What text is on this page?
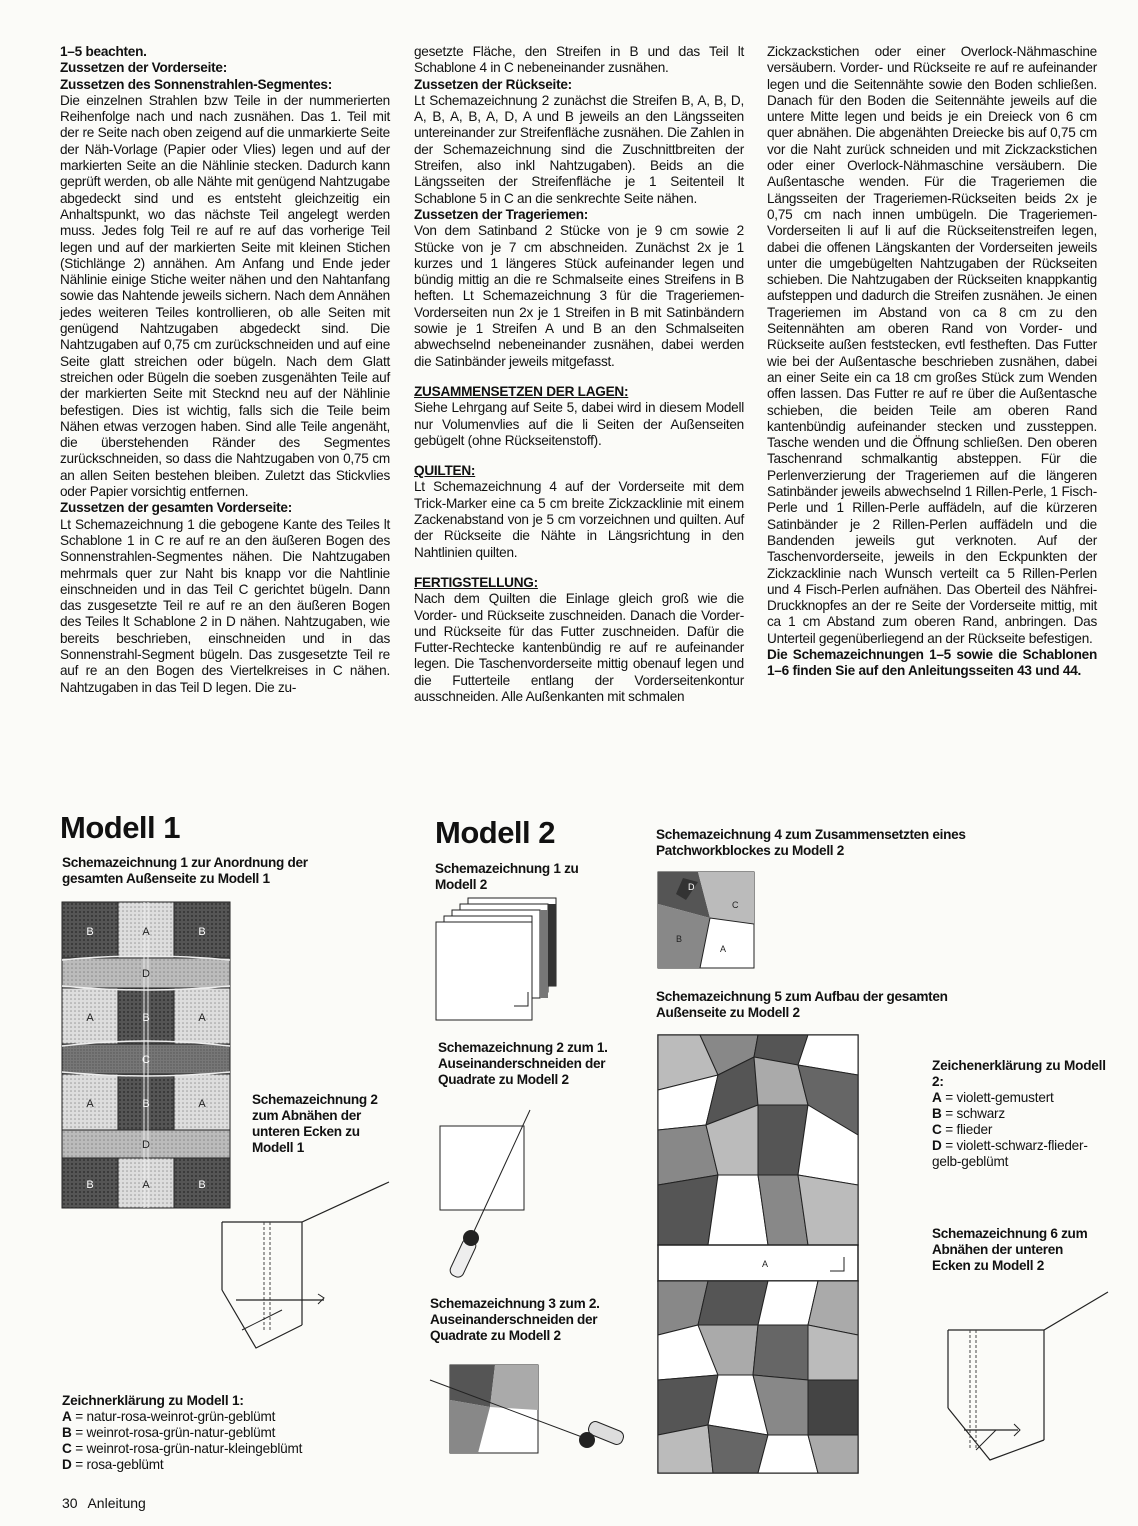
1–5 beachten.

Zussetzen der Vorderseite:

Zussetzen des Sonnenstrahlen-Segmentes:

Die einzelnen Strahlen bzw Teile in der nummerierten Reihenfolge nach und nach zusnähen. Das 1. Teil mit der re Seite nach oben zeigend auf die unmarkierte Seite der Näh-Vorlage (Papier oder Vlies) legen und auf der markierten Seite an die Nählinie stecken. Dadurch kann geprüft werden, ob alle Nähte mit genügend Nahtzugabe abgedeckt sind und es entsteht gleichzeitig ein Anhaltspunkt, wo das nächste Teil angelegt werden muss. Jedes folg Teil re auf re auf das vorherige Teil legen und auf der markierten Seite mit kleinen Stichen (Stichlänge 2) annähen. Am Anfang und Ende jeder Nählinie einige Stiche weiter nähen und den Nahtanfang sowie das Nahtende jeweils sichern. Nach dem Annähen jedes weiteren Teiles kontrollieren, ob alle Seiten mit genügend Nahtzugaben abgedeckt sind. Die Nahtzugaben auf 0,75 cm zurückschneiden und auf eine Seite glatt streichen oder bügeln. Nach dem Glatt streichen oder Bügeln die soeben zusgenähten Teile auf der markierten Seite mit Stecknd neu auf der Nählinie befestigen. Dies ist wichtig, falls sich die Teile beim Nähen etwas verzogen haben. Sind alle Teile angenäht, die überstehenden Ränder des Segmentes zurückschneiden, so dass die Nahtzugaben von 0,75 cm an allen Seiten bestehen bleiben. Zuletzt das Stickvlies oder Papier vorsichtig entfernen.

Zussetzen der gesamten Vorderseite:

Lt Schemazeichnung 1 die gebogene Kante des Teiles lt Schablone 1 in C re auf re an den äußeren Bogen des Sonnenstrahlen-Segmentes nähen. Die Nahtzugaben mehrmals quer zur Naht bis knapp vor die Nahtlinie einschneiden und in das Teil C gerichtet bügeln. Dann das zusgesetzte Teil re auf re an den äußeren Bogen des Teiles lt Schablone 2 in D nähen. Nahtzugaben, wie bereits beschrieben, einschneiden und in das Sonnenstrahl-Segment bügeln. Das zusgesetzte Teil re auf re an den Bogen des Viertelkreises in C nähen. Nahtzugaben in das Teil D legen. Die zu-

gesetzte Fläche, den Streifen in B und das Teil lt Schablone 4 in C nebeneinander zusnähen.

Zussetzen der Rückseite:

Lt Schemazeichnung 2 zunächst die Streifen B, A, B, D, A, B, A, B, A, D, A und B jeweils an den Längsseiten untereinander zur Streifenfläche zusnähen. Die Zahlen in der Schemazeichnung sind die Zuschnittbreiten der Streifen, also inkl Nahtzugaben). Beids an die Längsseiten der Streifenfläche je 1 Seitenteil lt Schablone 5 in C an die senkrechte Seite nähen.

Zussetzen der Trageriemen:

Von dem Satinband 2 Stücke von je 9 cm sowie 2 Stücke von je 7 cm abschneiden. Zunächst 2x je 1 kurzes und 1 längeres Stück aufeinander legen und bündig mittig an die re Schmalseite eines Streifens in B heften. Lt Schemazeichnung 3 für die Trageriemen-Vorderseiten nun 2x je 1 Streifen in B mit Satinbändern sowie je 1 Streifen A und B an den Schmalseiten abwechselnd nebeneinander zusnähen, dabei werden die Satinbänder jeweils mitgefasst.

ZUSAMMENSETZEN DER LAGEN:

Siehe Lehrgang auf Seite 5, dabei wird in diesem Modell nur Volumenvlies auf die li Seiten der Außenseiten gebügelt (ohne Rückseitenstoff).

QUILTEN:

Lt Schemazeichnung 4 auf der Vorderseite mit dem Trick-Marker eine ca 5 cm breite Zickzacklinie mit einem Zackenabstand von je 5 cm vorzeichnen und quilten. Auf der Rückseite die Nähte in Längsrichtung in den Nahtlinien quilten.

FERTIGSTELLUNG:

Nach dem Quilten die Einlage gleich groß wie die Vorder- und Rückseite zuschneiden. Danach die Vorder- und Rückseite für das Futter zuschneiden. Dafür die Futter-Rechtecke kantenbündig re auf re aufeinander legen. Die Taschenvorderseite mittig obenauf legen und die Futterteile entlang der Vorderseitenkontur ausschneiden. Alle Außenkanten mit schmalen

Zickzackstichen oder einer Overlock-Nähmaschine versäubern. Vorder- und Rückseite re auf re aufeinander legen und die Seitennähte sowie den Boden schließen. Danach für den Boden die Seitennähte jeweils auf die untere Mitte legen und beids je ein Dreieck von 6 cm quer abnähen. Die abgenähten Dreiecke bis auf 0,75 cm vor die Naht zurück schneiden und mit Zickzackstichen oder einer Overlock-Nähmaschine versäubern. Die Außentasche wenden. Für die Trageriemen die Längsseiten der Trageriemen-Rückseiten beids 2x je 0,75 cm nach innen umbügeln. Die Trageriemen-Vorderseiten li auf li auf die Rückseitenstreifen legen, dabei die offenen Längskanten der Vorderseiten jeweils unter die umgebügelten Nahtzugaben der Rückseiten schieben. Die Nahtzugaben der Rückseiten knappkantig aufsteppen und dadurch die Streifen zusnähen. Je einen Trageriemen im Abstand von ca 8 cm zu den Seitennähten am oberen Rand von Vorder- und Rückseite außen feststecken, evtl festheften. Das Futter wie bei der Außentasche beschrieben zusnähen, dabei an einer Seite ein ca 18 cm großes Stück zum Wenden offen lassen. Das Futter re auf re über die Außentasche schieben, die beiden Teile am oberen Rand kantenbündig aufeinander stecken und zussteppen. Tasche wenden und die Öffnung schließen. Den oberen Taschenrand schmalkantig absteppen. Für die Perlenverzierung der Trageriemen auf die längeren Satinbänder jeweils abwechselnd 1 Rillen-Perle, 1 Fisch-Perle und 1 Rillen-Perle auffädeln, auf die kürzeren Satinbänder je 2 Rillen-Perlen auffädeln und die Bandenden jeweils gut verknoten. Auf der Taschenvorderseite, jeweils in den Eckpunkten der Zickzacklinie nach Wunsch verteilt ca 5 Rillen-Perlen und 4 Fisch-Perlen aufnähen. Das Oberteil des Nähfrei-Druckknopfes an der re Seite der Vorderseite mittig, mit ca 1 cm Abstand zum oberen Rand, anbringen. Das Unterteil gegenüberliegend an der Rückseite befestigen.

Die Schemazeichnungen 1–5 sowie die Schablonen 1–6 finden Sie auf den Anleitungsseiten 43 und 44.

Modell 1
Schemazeichnung 1 zur Anordnung der gesamten Außenseite zu Modell 1
B	A	B
D
A	B	A
C
A	B	A
D
B	A	B
Schemazeichnung 2 zum Abnähen der unteren Ecken zu Modell 1
Zeichnerklärung zu Modell 1:
A = natur-rosa-weinrot-grün-geblümt
B = weinrot-rosa-grün-natur-geblümt
C = weinrot-rosa-grün-natur-kleingeblümt
D = rosa-geblümt
Modell 2
Schemazeichnung 1 zu Modell 2
Schemazeichnung 2 zum 1. Auseinanderschneiden der Quadrate zu Modell 2
Schemazeichnung 3 zum 2. Auseinanderschneiden der Quadrate zu Modell 2
Schemazeichnung 4 zum Zusammensetzten eines Patchworkblockes zu Modell 2
C
B
A
D
Schemazeichnung 5 zum Aufbau der gesamten Außenseite zu Modell 2
A
Zeichenerklärung zu Modell 2:
A = violett-gemustert
B = schwarz
C = flieder
D = violett-schwarz-flieder-gelb-geblümt
Schemazeichnung 6 zum Abnähen der unteren Ecken zu Modell 2
30 Anleitung
